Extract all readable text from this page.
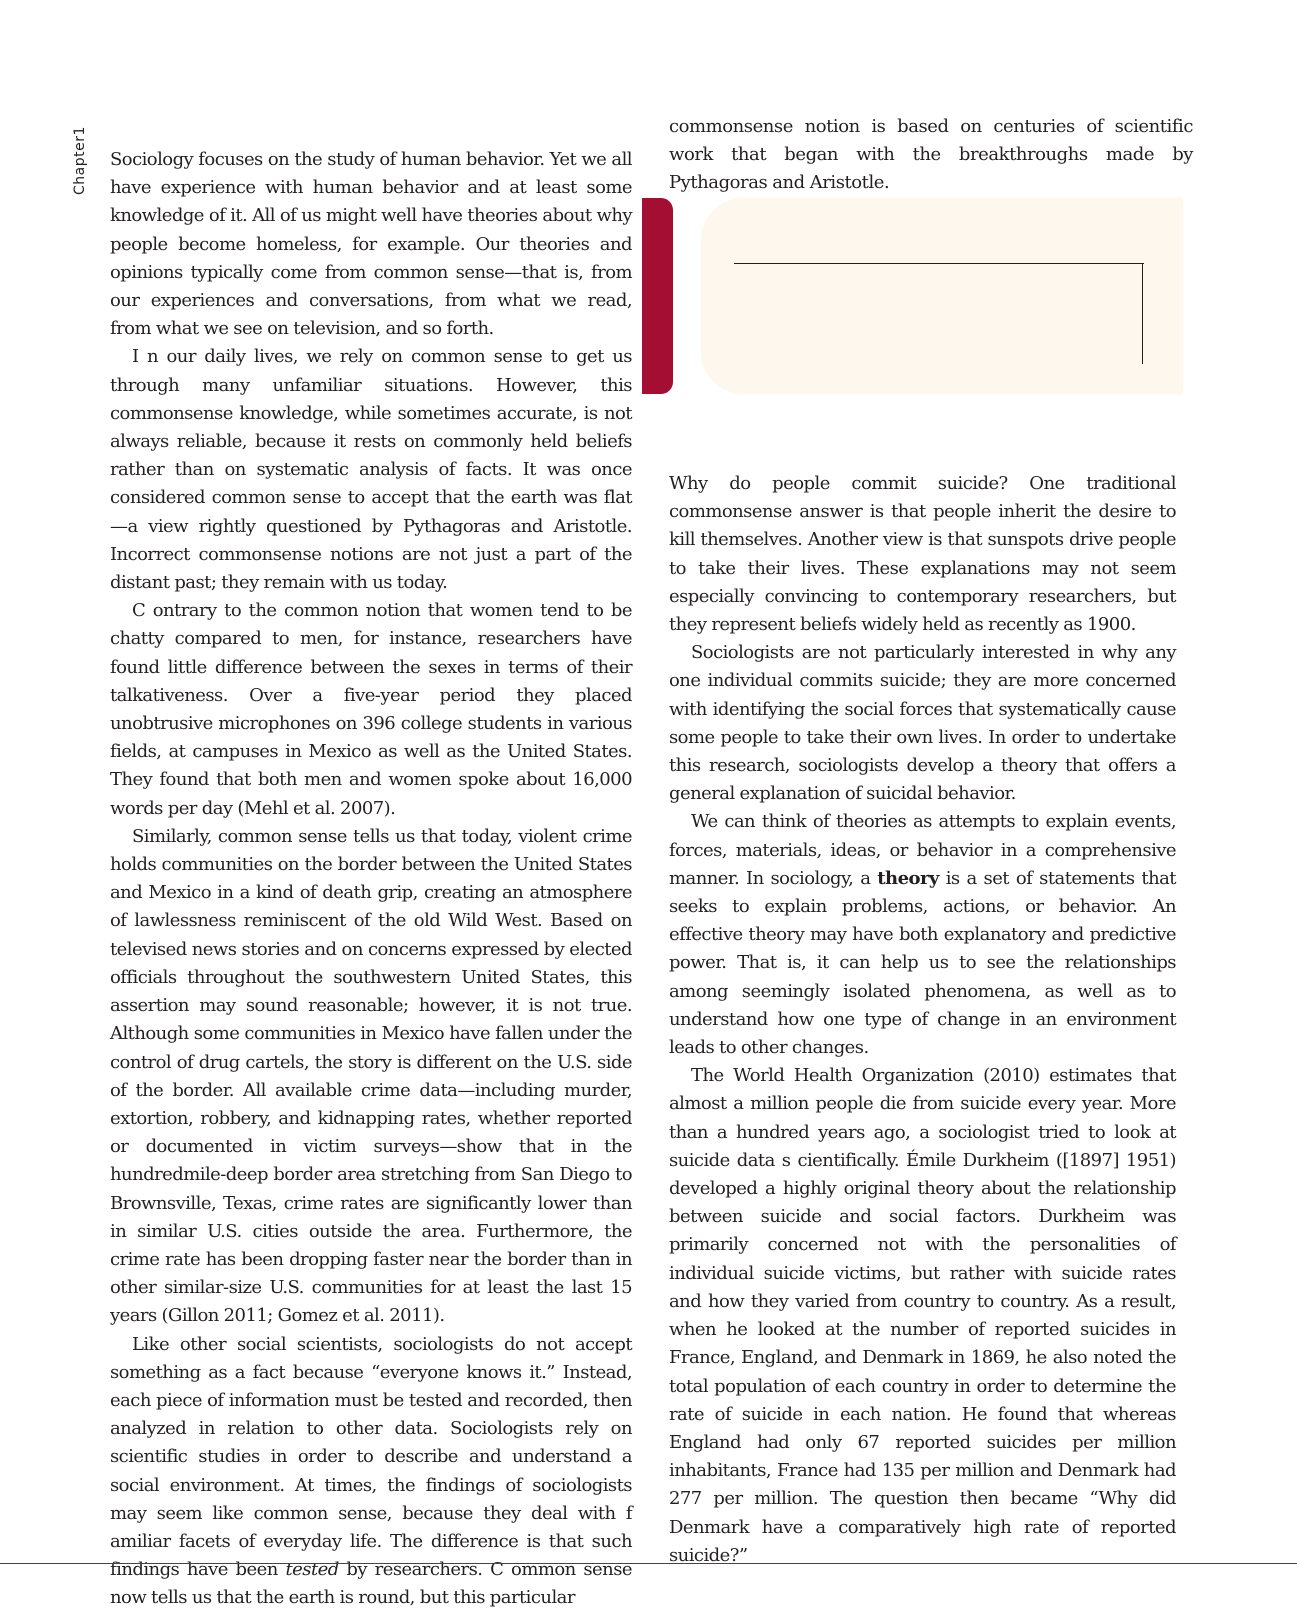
Chapter1 Sociology focuses on the study of human behavior. Yet we all have experience with human behavior and at least some knowledge of it. All of us might well have theories about why people become homeless, for example. Our theories and opinions typically come from common sense—that is, from our experiences and conversations, from what we read, from what we see on television, and so forth.

I n our daily lives, we rely on common sense to get us through many unfamiliar situations. However, this commonsense knowledge, while sometimes accurate, is not always reliable, because it rests on commonly held beliefs rather than on systematic analysis of facts. It was once considered common sense to accept that the earth was flat—a view rightly questioned by Pythagoras and Aristotle. Incorrect commonsense notions are not just a part of the distant past; they remain with us today.

C ontrary to the common notion that women tend to be chatty compared to men, for instance, researchers have found little difference between the sexes in terms of their talkativeness. Over a five-year period they placed unobtrusive microphones on 396 college students in various fields, at campuses in Mexico as well as the United States. They found that both men and women spoke about 16,000 words per day (Mehl et al. 2007).

Similarly, common sense tells us that today, violent crime holds communities on the border between the United States and Mexico in a kind of death grip, creating an atmosphere of lawlessness reminiscent of the old Wild West. Based on televised news stories and on concerns expressed by elected officials throughout the southwestern United States, this assertion may sound reasonable; however, it is not true. Although some communities in Mexico have fallen under the control of drug cartels, the story is different on the U.S. side of the border. All available crime data—including murder, extortion, robbery, and kidnapping rates, whether reported or documented in victim surveys—show that in the hundredmile-deep border area stretching from San Diego to Brownsville, Texas, crime rates are significantly lower than in similar U.S. cities outside the area. Furthermore, the crime rate has been dropping faster near the border than in other similar-size U.S. communities for at least the last 15 years (Gillon 2011; Gomez et al. 2011).

Like other social scientists, sociologists do not accept something as a fact because “everyone knows it.” Instead, each piece of information must be tested and recorded, then analyzed in relation to other data. Sociologists rely on scientific studies in order to describe and understand a social environment. At times, the findings of sociologists may seem like common sense, because they deal with f amiliar facets of everyday life. The difference is that such findings have been tested by researchers. C ommon sense now tells us that the earth is round, but this particular

commonsense notion is based on centuries of scientific work that began with the breakthroughs made by Pythagoras and Aristotle.

Why do people commit suicide? One traditional commonsense answer is that people inherit the desire to kill themselves. Another view is that sunspots drive people to take their lives. These explanations may not seem especially convincing to contemporary researchers, but they represent beliefs widely held as recently as 1900.

Sociologists are not particularly interested in why any one individual commits suicide; they are more concerned with identifying the social forces that systematically cause some people to take their own lives. In order to undertake this research, sociologists develop a theory that offers a general explanation of suicidal behavior.

We can think of theories as attempts to explain events, forces, materials, ideas, or behavior in a comprehensive manner. In sociology, a theory is a set of statements that seeks to explain problems, actions, or behavior. An effective theory may have both explanatory and predictive power. That is, it can help us to see the relationships among seemingly isolated phenomena, as well as to understand how one type of change in an environment leads to other changes.

The World Health Organization (2010) estimates that almost a million people die from suicide every year. More than a hundred years ago, a sociologist tried to look at suicide data s cientifically. Émile Durkheim ([1897] 1951) developed a highly original theory about the relationship between suicide and social factors. Durkheim was primarily concerned not with the personalities of individual suicide victims, but rather with suicide rates and how they varied from country to country. As a result, when he looked at the number of reported suicides in France, England, and Denmark in 1869, he also noted the total population of each country in order to determine the rate of suicide in each nation. He found that whereas England had only 67 reported suicides per million inhabitants, France had 135 per million and Denmark had 277 per million. The question then became “Why did Denmark have a comparatively high rate of reported suicide?”
